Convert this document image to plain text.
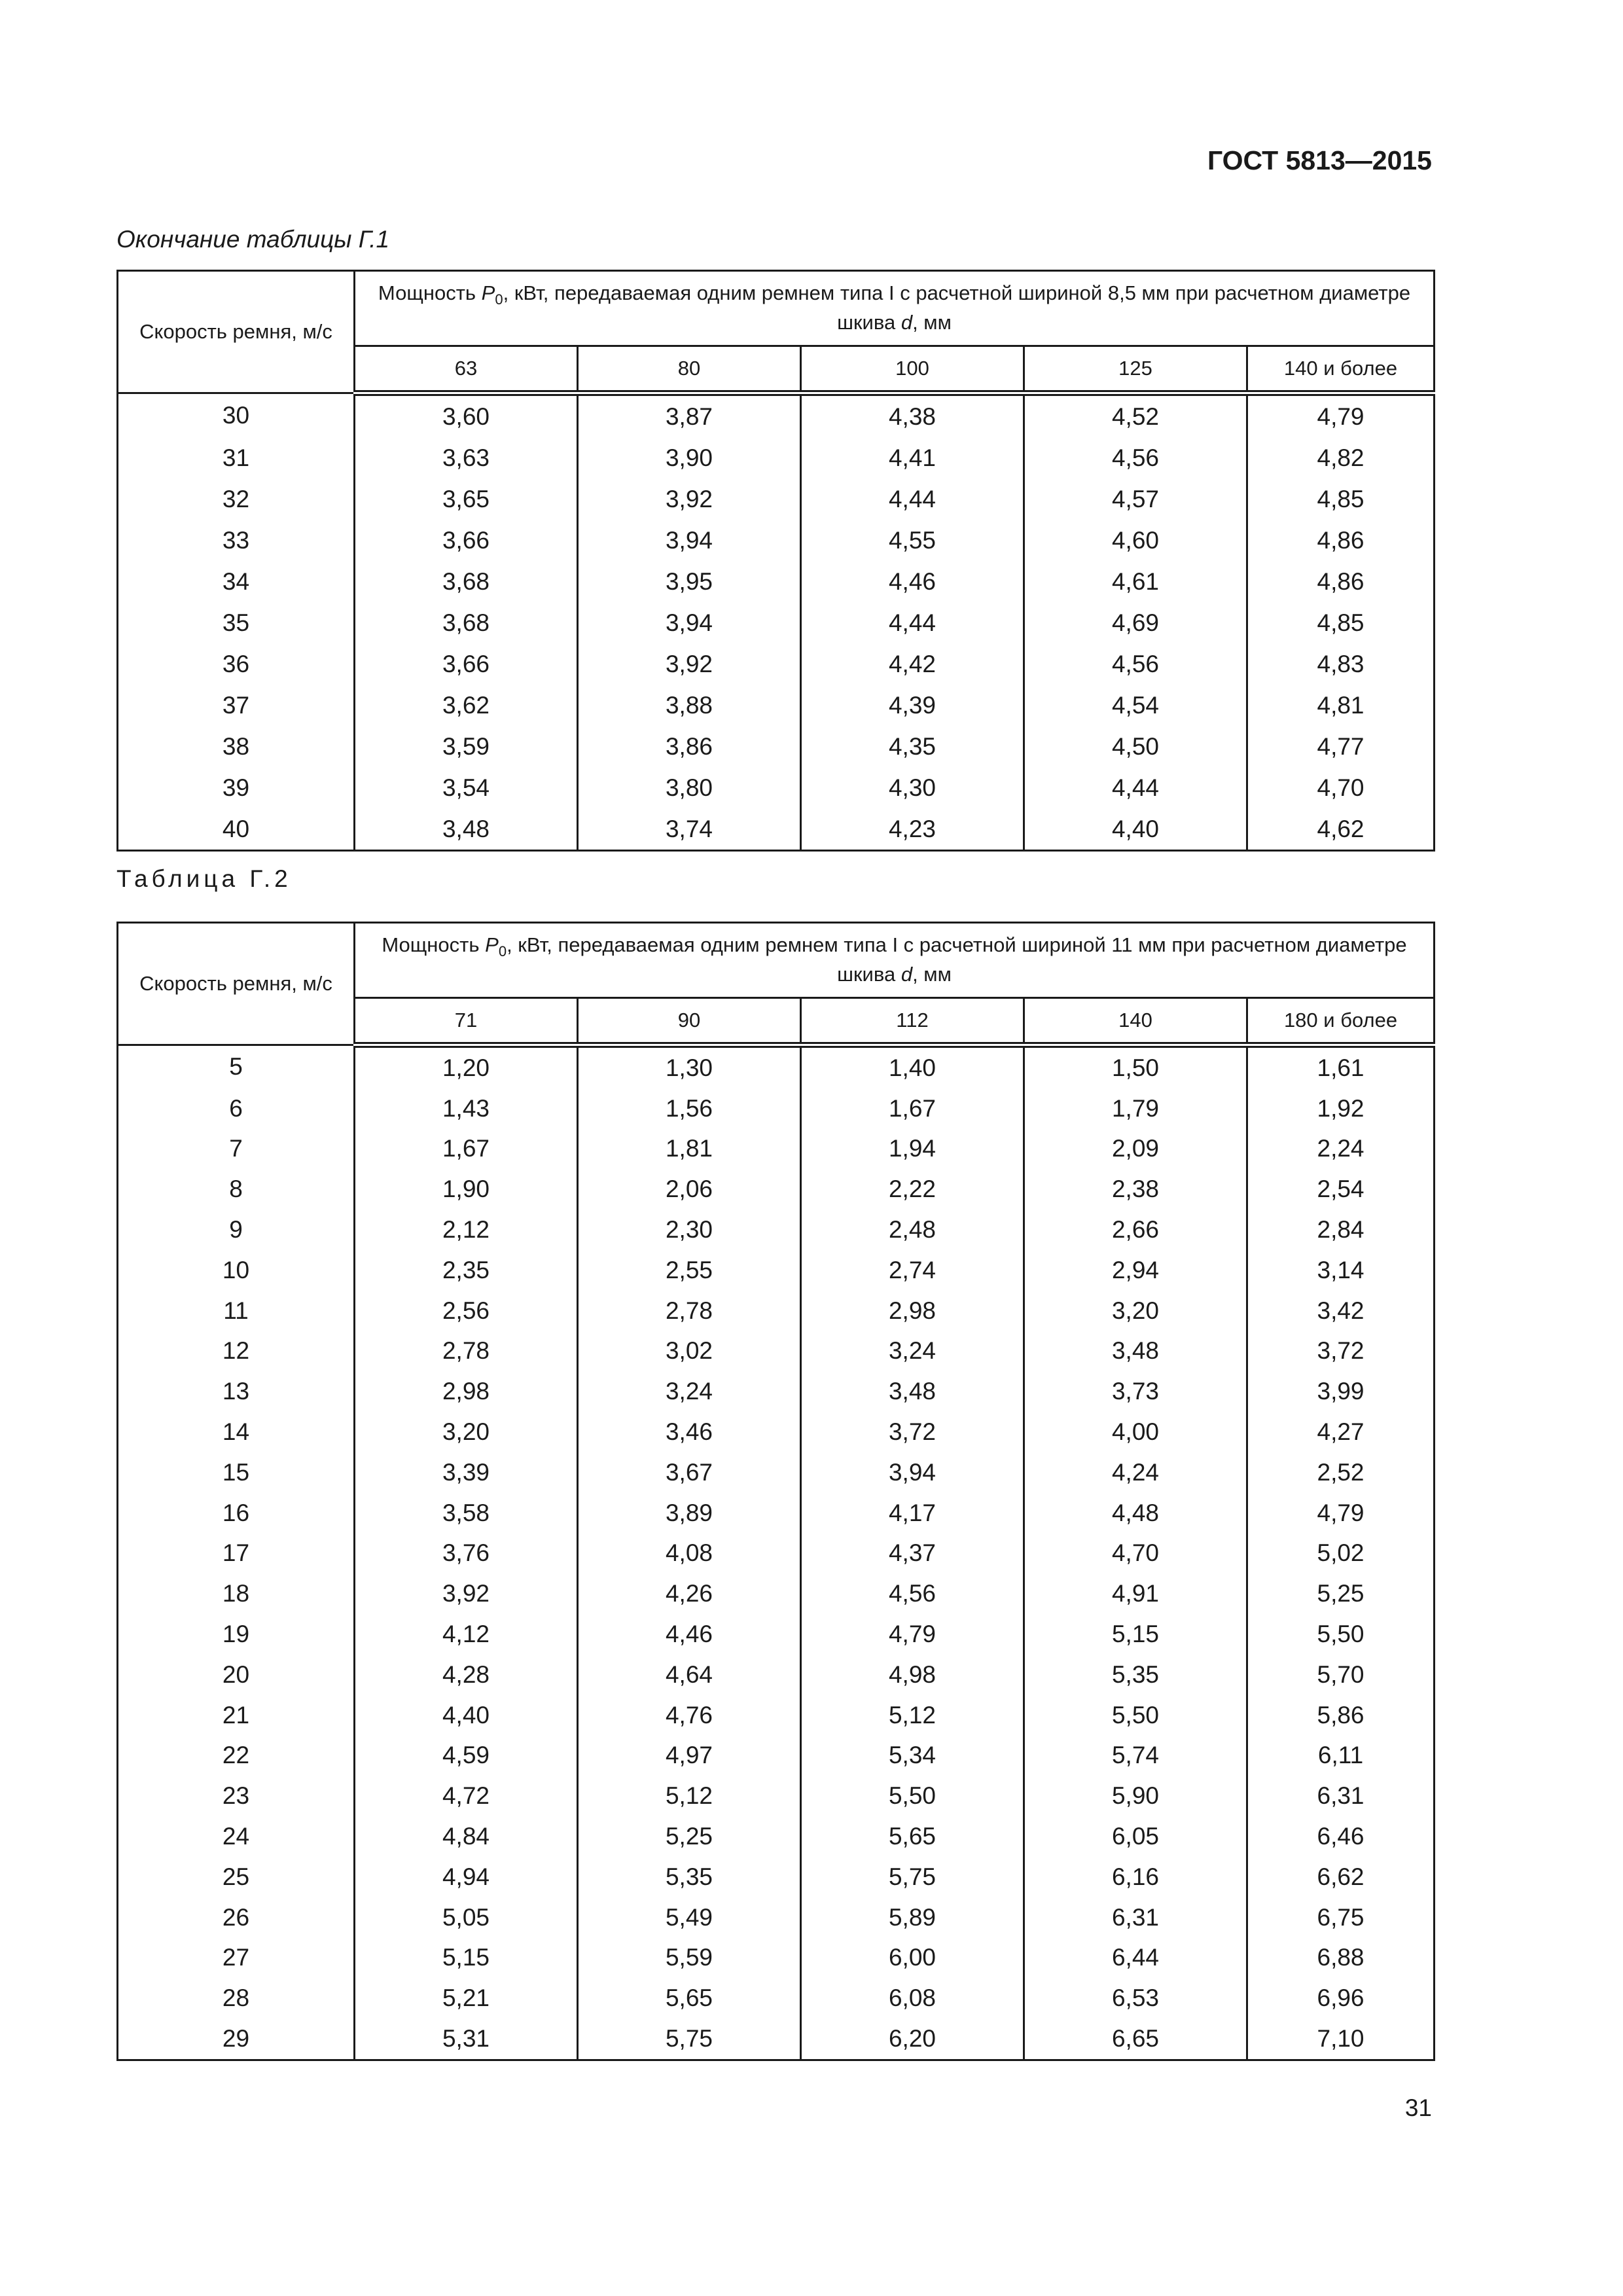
ГОСТ 5813—2015
Окончание таблицы Г.1
Скорость ремня, м/с	Мощность $P_0$, кВт, передаваемая одним ремнем типа I с расчетной шириной 8,5 мм при расчетном диаметре шкива d, мм				
	63	80	100	125	140 и более
30	3,60	3,87	4,38	4,52	4,79
31	3,63	3,90	4,41	4,56	4,82
32	3,65	3,92	4,44	4,57	4,85
33	3,66	3,94	4,55	4,60	4,86
34	3,68	3,95	4,46	4,61	4,86
35	3,68	3,94	4,44	4,69	4,85
36	3,66	3,92	4,42	4,56	4,83
37	3,62	3,88	4,39	4,54	4,81
38	3,59	3,86	4,35	4,50	4,77
39	3,54	3,80	4,30	4,44	4,70
40	3,48	3,74	4,23	4,40	4,62
Таблица Г.2
Скорость ремня, м/с	Мощность $P_0$, кВт, передаваемая одним ремнем типа I с расчетной шириной 11 мм при расчетном диаметре шкива d, мм				
	71	90	112	140	180 и более
5	1,20	1,30	1,40	1,50	1,61
6	1,43	1,56	1,67	1,79	1,92
7	1,67	1,81	1,94	2,09	2,24
8	1,90	2,06	2,22	2,38	2,54
9	2,12	2,30	2,48	2,66	2,84
10	2,35	2,55	2,74	2,94	3,14
11	2,56	2,78	2,98	3,20	3,42
12	2,78	3,02	3,24	3,48	3,72
13	2,98	3,24	3,48	3,73	3,99
14	3,20	3,46	3,72	4,00	4,27
15	3,39	3,67	3,94	4,24	2,52
16	3,58	3,89	4,17	4,48	4,79
17	3,76	4,08	4,37	4,70	5,02
18	3,92	4,26	4,56	4,91	5,25
19	4,12	4,46	4,79	5,15	5,50
20	4,28	4,64	4,98	5,35	5,70
21	4,40	4,76	5,12	5,50	5,86
22	4,59	4,97	5,34	5,74	6,11
23	4,72	5,12	5,50	5,90	6,31
24	4,84	5,25	5,65	6,05	6,46
25	4,94	5,35	5,75	6,16	6,62
26	5,05	5,49	5,89	6,31	6,75
27	5,15	5,59	6,00	6,44	6,88
28	5,21	5,65	6,08	6,53	6,96
29	5,31	5,75	6,20	6,65	7,10
31
